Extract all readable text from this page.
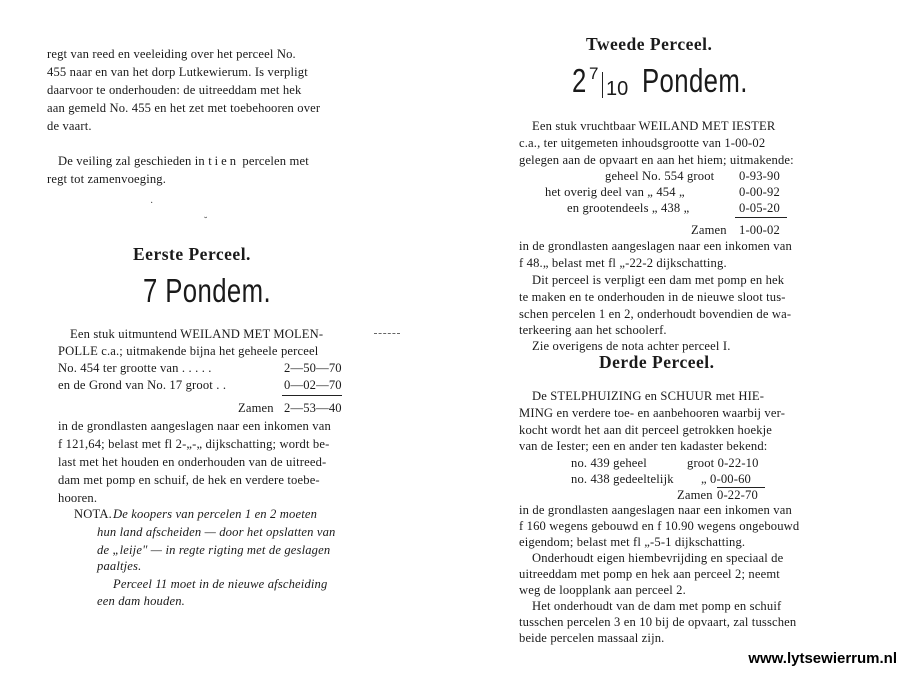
regt van reed en veeleiding over het perceel No.
455 naar en van het dorp Lutkewierum. Is verpligt
daarvoor te onderhouden: de uitreeddam met hek
aan gemeld No. 455 en het zet met toebehooren over
de vaart.
De veiling zal geschieden in tien percelen met
regt tot zamenvoeging.
·
˘
Eerste Perceel.
7 Pondem.
Een stuk uitmuntend WEILAND MET MOLEN-
POLLE c.a.; uitmakende bijna het geheele perceel
No. 454 ter grootte van . . . . .	2—50—70
en de Grond van No. 17 groot . .	0—02—70
Zamen 2—53—40
in de grondlasten aangeslagen naar een inkomen van
f 121,64; belast met fl 2-„-„ dijkschatting; wordt be-
last met het houden en onderhouden van de uitreed-
dam met pomp en schuif, de hek en verdere toebe-
hooren.
NOTA. De koopers van percelen 1 en 2 moeten
hun land afscheiden — door het opslatten van
de „leije" — in regte rigting met de geslagen
paaltjes.
Perceel 11 moet in de nieuwe afscheiding
een dam houden.
Tweede Perceel.
2 7
10 Pondem.
Een stuk vruchtbaar WEILAND MET IESTER
c.a., ter uitgemeten inhoudsgrootte van 1-00-02
gelegen aan de opvaart en aan het hiem; uitmakende:
geheel No. 554 groot 0-93-90
het overig deel van „ 454 „	0-00-92
en grootendeels „ 438 „	0-05-20
Zamen 1-00-02
in de grondlasten aangeslagen naar een inkomen van
f 48.„ belast met fl „-22-2 dijkschatting.
Dit perceel is verpligt een dam met pomp en hek
te maken en te onderhouden in de nieuwe sloot tus-
schen percelen 1 en 2, onderhoudt bovendien de wa-
terkeering aan het schoolerf.
Zie overigens de nota achter perceel I.
Derde Perceel.
De STELPHUIZING en SCHUUR met HIE-
MING en verdere toe- en aanbehooren waarbij ver-
kocht wordt het aan dit perceel getrokken hoekje
van de Iester; een en ander ten kadaster bekend:
no. 439 geheel	groot 0-22-10
no. 438 gedeeltelijk „ 0-00-60
Zamen 0-22-70
in de grondlasten aangeslagen naar een inkomen van
f 160 wegens gebouwd en f 10.90 wegens ongebouwd
eigendom; belast met fl „-5-1 dijkschatting.
Onderhoudt eigen hiembevrijding en speciaal de
uitreeddam met pomp en hek aan perceel 2; neemt
weg de loopplank aan perceel 2.
Het onderhoudt van de dam met pomp en schuif
tusschen percelen 3 en 10 bij de opvaart, zal tusschen
beide percelen massaal zijn.
www.lytsewierrum.nl
